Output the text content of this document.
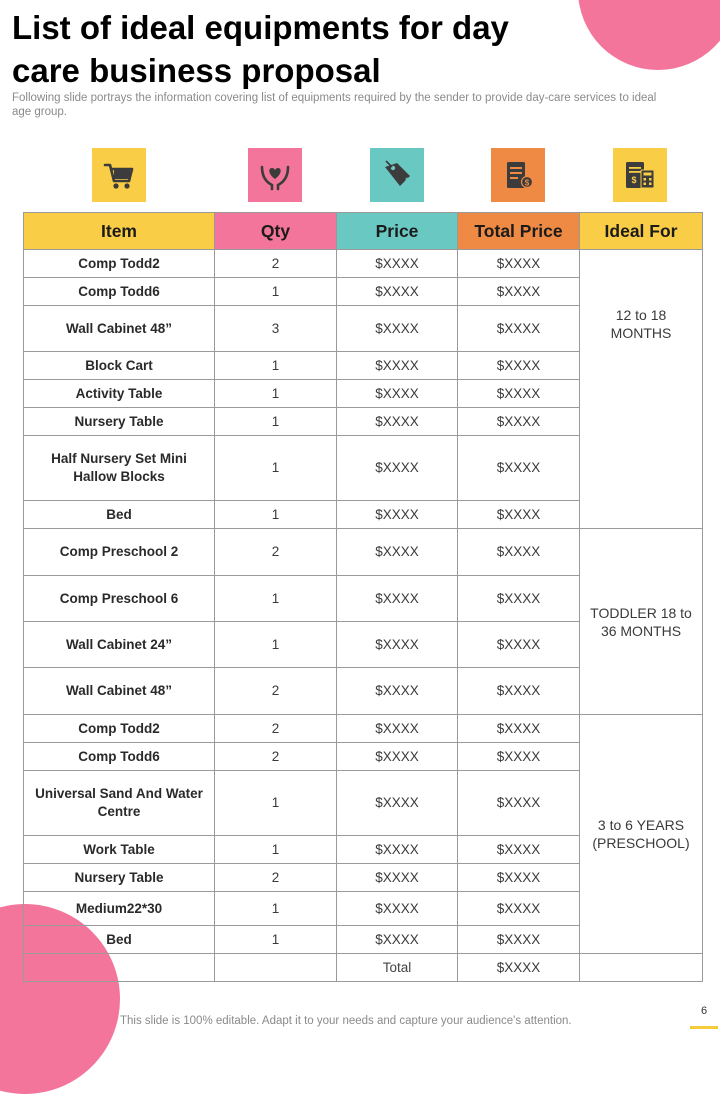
List of ideal equipments for day care business proposal

Following slide portrays the information covering list of equipments required by the sender to provide day-care services to ideal age group.

$	$
Item	Qty	Price	Total Price	Ideal For
Comp Todd2	2	$XXXX	$XXXX	12 to 18 MONTHS
Comp Todd6	1	$XXXX	$XXXX	
Wall Cabinet 48”	3	$XXXX	$XXXX	
Block Cart	1	$XXXX	$XXXX	
Activity Table	1	$XXXX	$XXXX	
Nursery Table	1	$XXXX	$XXXX	
Half Nursery Set Mini Hallow Blocks	1	$XXXX	$XXXX	
Bed	1	$XXXX	$XXXX	
Comp Preschool 2	2	$XXXX	$XXXX	TODDLER 18 to 36 MONTHS
Comp Preschool 6	1	$XXXX	$XXXX	
Wall Cabinet 24”	1	$XXXX	$XXXX	
Wall Cabinet 48”	2	$XXXX	$XXXX	
Comp Todd2	2	$XXXX	$XXXX	3 to 6 YEARS (PRESCHOOL)
Comp Todd6	2	$XXXX	$XXXX	
Universal Sand And Water Centre	1	$XXXX	$XXXX	
Work Table	1	$XXXX	$XXXX	
Nursery Table	2	$XXXX	$XXXX	
Medium22*30	1	$XXXX	$XXXX	
Bed	1	$XXXX	$XXXX	
		Total	$XXXX	

This slide is 100% editable. Adapt it to your needs and capture your audience's attention.

6
